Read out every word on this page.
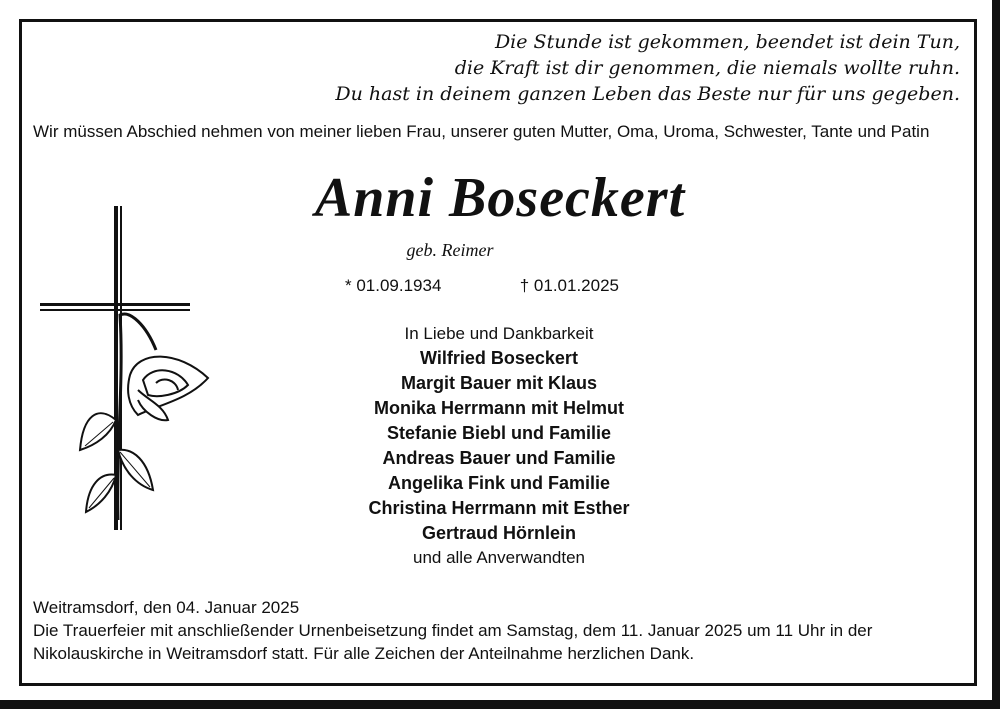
Die Stunde ist gekommen, beendet ist dein Tun,
die Kraft ist dir genommen, die niemals wollte ruhn.
Du hast in deinem ganzen Leben das Beste nur für uns gegeben.
Wir müssen Abschied nehmen von meiner lieben Frau, unserer guten Mutter, Oma, Uroma, Schwester, Tante und Patin
Anni Boseckert
geb. Reimer
* 01.09.1934	† 01.01.2025
In Liebe und Dankbarkeit
Wilfried Boseckert
Margit Bauer mit Klaus
Monika Herrmann mit Helmut
Stefanie Biebl und Familie
Andreas Bauer und Familie
Angelika Fink und Familie
Christina Herrmann mit Esther
Gertraud Hörnlein
und alle Anverwandten
Weitramsdorf, den 04. Januar 2025
Die Trauerfeier mit anschließender Urnenbeisetzung findet am Samstag, dem 11. Januar 2025 um 11 Uhr in der Nikolauskirche in Weitramsdorf statt. Für alle Zeichen der Anteilnahme herzlichen Dank.
